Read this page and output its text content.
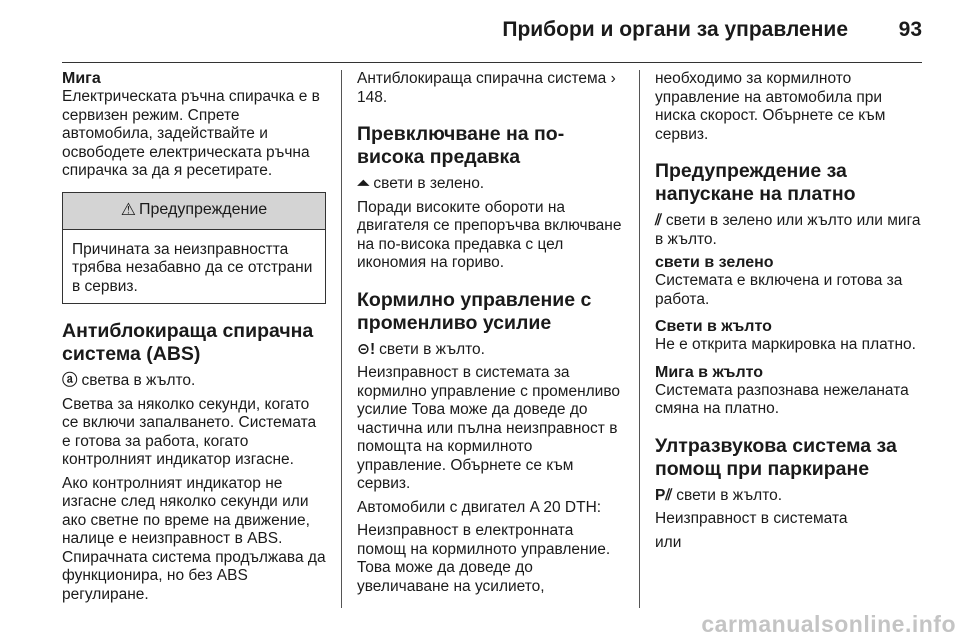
Прибори и органи за управление 93
Мига

Електрическата ръчна спирачка е в сервизен режим. Спрете автомобила, задействайте и освободете електрическата ръчна спирачка за да я ресетирате.

⚠ Предупреждение
Причината за неизправността трябва незабавно да се отстрани в сервиз.
Антиблокираща спирачна система (ABS)

ⓐ светва в жълто.

Светва за няколко секунди, когато се включи запалването. Системата е готова за работа, когато контролният индикатор изгасне.

Ако контролният индикатор не изгасне след няколко секунди или ако светне по време на движение, налице е неизправност в ABS. Спирачната система продължава да функционира, но без ABS регулиране.

Антиблокираща спирачна система › 148.

Превключване на по-висока предавка

⏶ свети в зелено.

Поради високите обороти на двигателя се препоръчва включване на по-висока предавка с цел икономия на гориво.

Кормилно управление с променливо усилие

⊝! свети в жълто.

Неизправност в системата за кормилно управление с променливо усилие Това може да доведе до частична или пълна неизправност в помощта на кормилното управление. Обърнете се към сервиз.

Автомобили с двигател A 20 DTH:

Неизправност в електронната помощ на кормилното управление. Това може да доведе до увеличаване на усилието,

необходимо за кормилното управление на автомобила при ниска скорост. Обърнете се към сервиз.

Предупреждение за напускане на платно

⫽ свети в зелено или жълто или мига в жълто.

свети в зелено

Системата е включена и готова за работа.

Свети в жълто

Не е открита маркировка на платно.

Мига в жълто

Системата разпознава нежеланата смяна на платно.

Ултразвукова система за помощ при паркиране

P⫽ свети в жълто.

Неизправност в системата

или

carmanualsonline.info
